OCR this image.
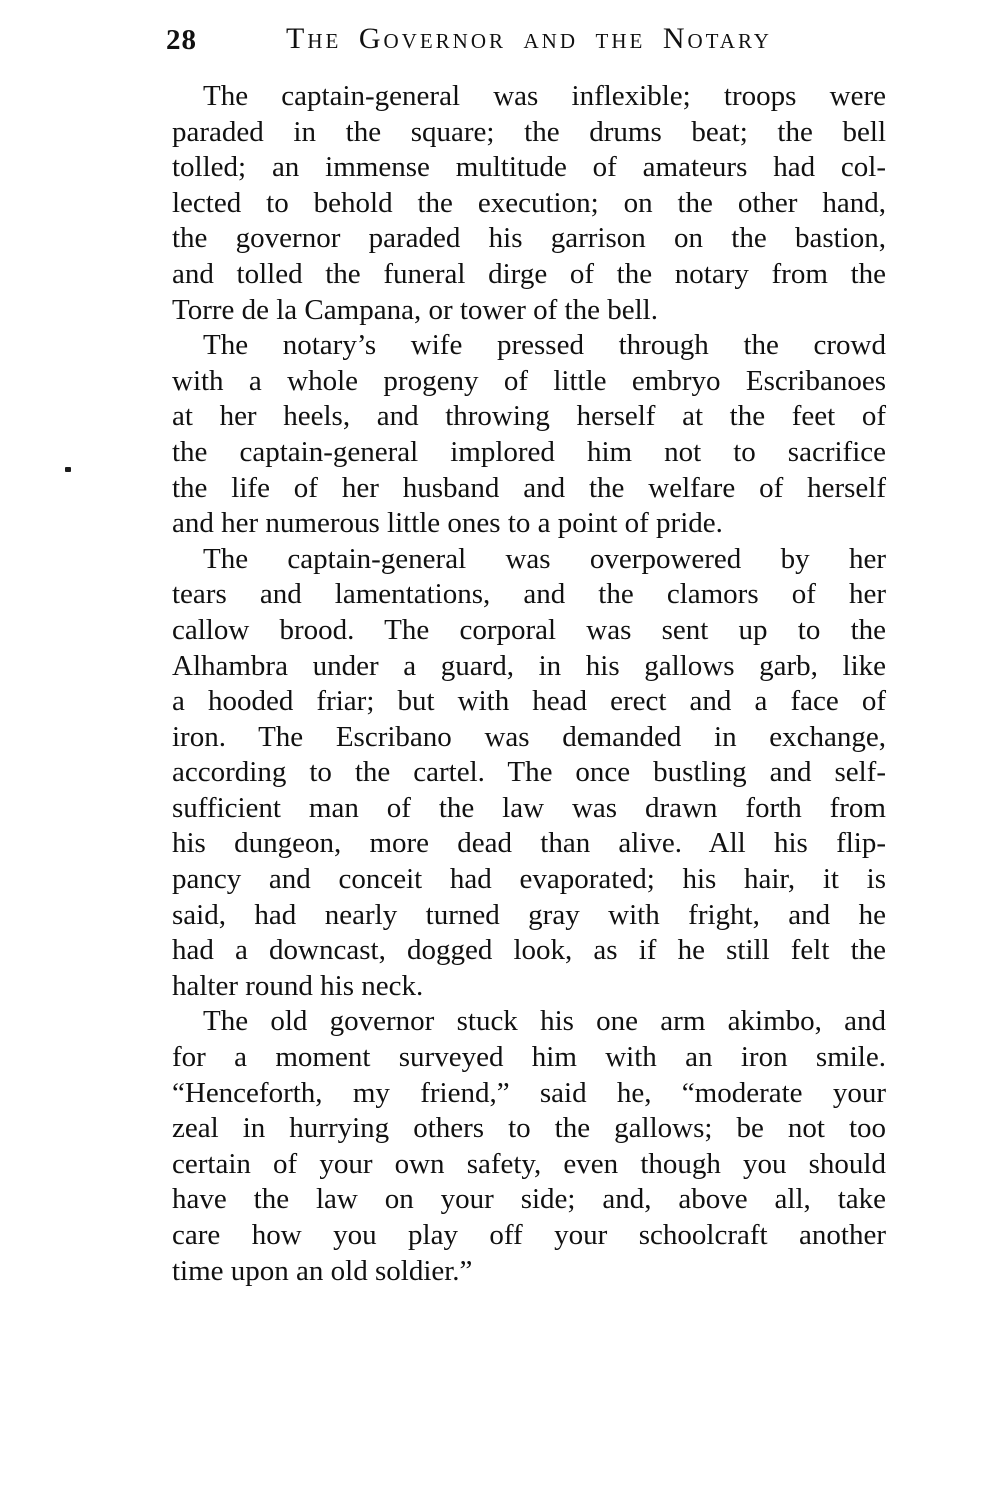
28	The Governor and the Notary
The captain-general was inflexible; troops were
paraded in the square; the drums beat; the bell
tolled; an immense multitude of amateurs had col-
lected to behold the execution; on the other hand,
the governor paraded his garrison on the bastion,
and tolled the funeral dirge of the notary from the
Torre de la Campana, or tower of the bell.
The notary’s wife pressed through the crowd
with a whole progeny of little embryo Escribanoes
at her heels, and throwing herself at the feet of
the captain-general implored him not to sacrifice
the life of her husband and the welfare of herself
and her numerous little ones to a point of pride.
The captain-general was overpowered by her
tears and lamentations, and the clamors of her
callow brood. The corporal was sent up to the
Alhambra under a guard, in his gallows garb, like
a hooded friar; but with head erect and a face of
iron. The Escribano was demanded in exchange,
according to the cartel. The once bustling and self-
sufficient man of the law was drawn forth from
his dungeon, more dead than alive. All his flip-
pancy and conceit had evaporated; his hair, it is
said, had nearly turned gray with fright, and he
had a downcast, dogged look, as if he still felt the
halter round his neck.
The old governor stuck his one arm akimbo, and
for a moment surveyed him with an iron smile.
“Henceforth, my friend,” said he, “moderate your
zeal in hurrying others to the gallows; be not too
certain of your own safety, even though you should
have the law on your side; and, above all, take
care how you play off your schoolcraft another
time upon an old soldier.”
